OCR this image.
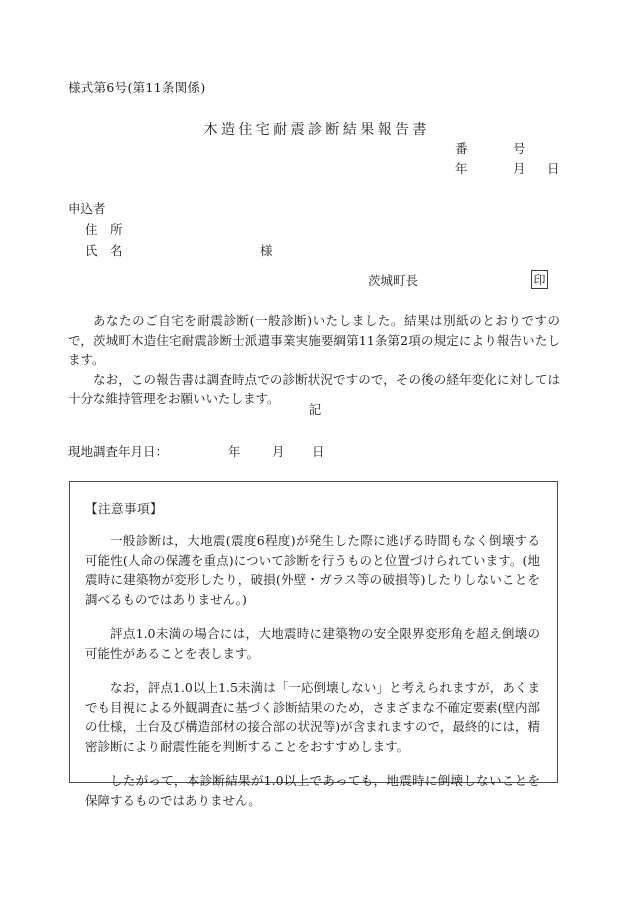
様式第6号(第11条関係)
木造住宅耐震診断結果報告書
番	号
年	月	日
申込者
住　所
氏　名	様
茨城町長	印

あなたのご自宅を耐震診断(一般診断)いたしました。結果は別紙のとおりですので，茨城町木造住宅耐震診断士派遣事業実施要綱第11条第2項の規定により報告いたします。

なお，この報告書は調査時点での診断状況ですので，その後の経年変化に対しては十分な維持管理をお願いいたします。

記
現地調査年月日：	年	月	日
【注意事項】

一般診断は，大地震(震度6程度)が発生した際に逃げる時間もなく倒壊する可能性(人命の保護を重点)について診断を行うものと位置づけられています。(地震時に建築物が変形したり，破損(外壁・ガラス等の破損等)したりしないことを調べるものではありません。)

評点1.0未満の場合には，大地震時に建築物の安全限界変形角を超え倒壊の可能性があることを表します。

なお，評点1.0以上1.5未満は「一応倒壊しない」と考えられますが，あくまでも目視による外観調査に基づく診断結果のため，さまざまな不確定要素(壁内部の仕様，土台及び構造部材の接合部の状況等)が含まれますので，最終的には，精密診断により耐震性能を判断することをおすすめします。

したがって，本診断結果が1.0以上であっても，地震時に倒壊しないことを保障するものではありません。
